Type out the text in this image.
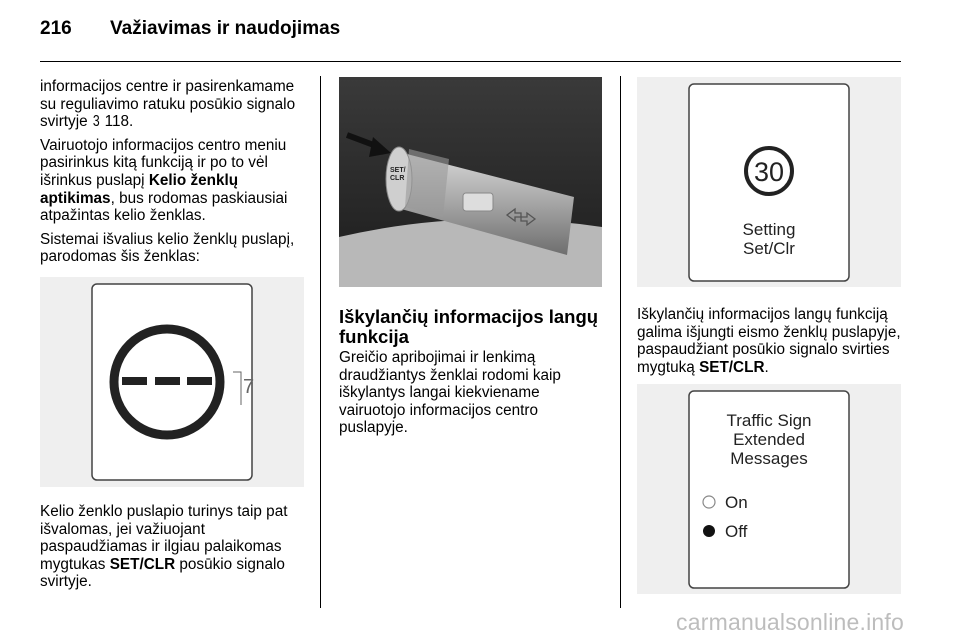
216 Važiavimas ir naudojimas

informacijos centre ir pasirenkamame su reguliavimo ratuku posūkio signalo svirtyje 3 118.

Vairuotojo informacijos centro meniu pasirinkus kitą funkciją ir po to vėl išrinkus puslapį Kelio ženklų aptikimas, bus rodomas paskiausiai atpažintas kelio ženklas.

Sistemai išvalius kelio ženklų puslapį, parodomas šis ženklas:

7

Kelio ženklo puslapio turinys taip pat išvalomas, jei važiuojant paspaudžiamas ir ilgiau palaikomas mygtukas SET/CLR posūkio signalo svirtyje.

SET/
CLR
Iškylančių informacijos langų funkcija

Greičio apribojimai ir lenkimą draudžiantys ženklai rodomi kaip iškylantys langai kiekviename vairuotojo informacijos centro puslapyje.

30
Setting
Set/Clr

Iškylančių informacijos langų funkciją galima išjungti eismo ženklų puslapyje, paspaudžiant posūkio signalo svirties mygtuką SET/CLR.

Traffic Sign
Extended
Messages
On
Off
carmanualsonline.info
